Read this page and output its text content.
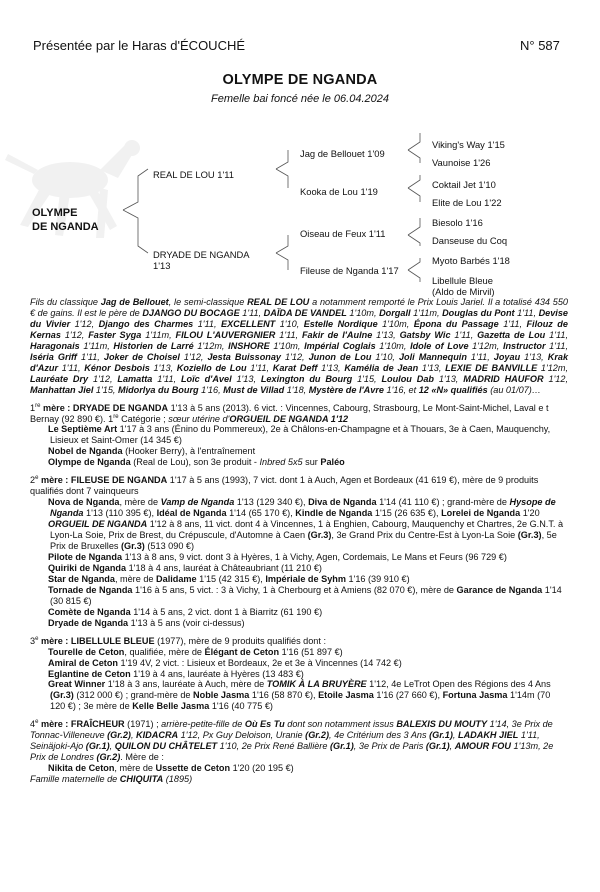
Présentée par le Haras d'ÉCOUCHÉ	N° 587
OLYMPE DE NGANDA
Femelle bai foncé née le 06.04.2024
OLYMPE
DE NGANDA
REAL DE LOU 1'11
DRYADE DE NGANDA
1'13
Jag de Bellouet 1'09
Kooka de Lou 1'19
Oiseau de Feux 1'11
Fileuse de Nganda 1'17
Viking's Way 1'15
Vaunoise 1'26
Coktail Jet 1'10
Elite de Lou 1'22
Biesolo 1'16
Danseuse du Coq
Myoto Barbés 1'18
Libellule Bleue
(Aldo de Mirvil)

Fils du classique Jag de Bellouet, le semi-classique REAL DE LOU a notamment remporté le Prix Louis Jariel. Il a totalisé 434 550 € de gains. Il est le père de DJANGO DU BOCAGE 1'11, DAÏDA DE VANDEL 1'10m, Dorgall 1'11m, Douglas du Pont 1'11, Devise du Vivier 1'12, Django des Charmes 1'11, EXCELLENT 1'10, Estelle Nordique 1'10m, Épona du Passage 1'11, Filouz de Kernas 1'12, Faster Syga 1'11m, FILOU L'AUVERGNIER 1'11, Fakir de l'Aulne 1'13, Gatsby Wic 1'11, Gazetta de Lou 1'11, Haragonais 1'11m, Historien de Larré 1'12m, INSHORE 1'10m, Impérial Coglais 1'10m, Idole of Love 1'12m, Instructor 1'11, Iséria Griff 1'11, Joker de Choisel 1'12, Jesta Buissonay 1'12, Junon de Lou 1'10, Joli Mannequin 1'11, Joyau 1'13, Krak d'Azur 1'11, Kénor Desbois 1'13, Koziello de Lou 1'11, Karat Deff 1'13, Kamélia de Jean 1'13, LEXIE DE BANVILLE 1'12m, Lauréate Dry 1'12, Lamatta 1'11, Loïc d'Avel 1'13, Lexington du Bourg 1'15, Loulou Dab 1'13, MADRID HAUFOR 1'12, Manhattan Jiel 1'15, Midorlya du Bourg 1'16, Must de Villad 1'18, Mystère de l'Avre 1'16, et 12 «N» qualifiés (au 01/07)…

1re mère : DRYADE DE NGANDA 1'13 à 5 ans (2013). 6 vict. : Vincennes, Cabourg, Strasbourg, Le Mont-Saint-Michel, Laval e t Bernay (92 890 €). 1re Catégorie ; sœur utérine d'ORGUEIL DE NGANDA 1'12

Le Septième Art 1'17 à 3 ans (Énino du Pommereux), 2e à Châlons-en-Champagne et à Thouars, 3e à Caen, Mauquenchy, Lisieux et Saint-Omer (14 345 €)

Nobel de Nganda (Hooker Berry), à l'entraînement

Olympe de Nganda (Real de Lou), son 3e produit - Inbred 5x5 sur Paléo

2e mère : FILEUSE DE NGANDA 1'17 à 5 ans (1993), 7 vict. dont 1 à Auch, Agen et Bordeaux (41 619 €), mère de 9 produits qualifiés dont 7 vainqueurs

Nova de Nganda, mère de Vamp de Nganda 1'13 (129 340 €), Diva de Nganda 1'14 (41 110 €) ; grand-mère de Hysope de Nganda 1'13 (110 395 €), Idéal de Nganda 1'14 (65 170 €), Kindle de Nganda 1'15 (26 635 €), Lorelei de Nganda 1'20

ORGUEIL DE NGANDA 1'12 à 8 ans, 11 vict. dont 4 à Vincennes, 1 à Enghien, Cabourg, Mauquenchy et Chartres, 2e G.N.T. à Lyon-La Soie, Prix de Brest, du Crépuscule, d'Automne à Caen (Gr.3), 3e Grand Prix du Centre-Est à Lyon-La Soie (Gr.3), 5e Prix de Bruxelles (Gr.3) (513 090 €)

Pilote de Nganda 1'13 à 8 ans, 9 vict. dont 3 à Hyères, 1 à Vichy, Agen, Cordemais, Le Mans et Feurs (96 729 €)

Quiriki de Nganda 1'18 à 4 ans, lauréat à Châteaubriant (11 210 €)

Star de Nganda, mère de Dalidame 1'15 (42 315 €), Impériale de Syhm 1'16 (39 910 €)

Tornade de Nganda 1'16 à 5 ans, 5 vict. : 3 à Vichy, 1 à Cherbourg et à Amiens (82 070 €), mère de Garance de Nganda 1'14 (30 815 €)

Comète de Nganda 1'14 à 5 ans, 2 vict. dont 1 à Biarritz (61 190 €)

Dryade de Nganda 1'13 à 5 ans (voir ci-dessus)

3e mère : LIBELLULE BLEUE (1977), mère de 9 produits qualifiés dont :

Tourelle de Ceton, qualifiée, mère de Élégant de Ceton 1'16 (51 897 €)

Amiral de Ceton 1'19 4V, 2 vict. : Lisieux et Bordeaux, 2e et 3e à Vincennes (14 742 €)

Eglantine de Ceton 1'19 à 4 ans, lauréate à Hyères (13 483 €)

Great Winner 1'18 à 3 ans, lauréate à Auch, mère de TOMIK À LA BRUYÈRE 1'12, 4e LeTrot Open des Régions des 4 Ans (Gr.3) (312 000 €) ; grand-mère de Noble Jasma 1'16 (58 870 €), Etoile Jasma 1'16 (27 660 €), Fortuna Jasma 1'14m (70 120 €) ; 3e mère de Kelle Belle Jasma 1'16 (40 775 €)

4e mère : FRAÎCHEUR (1971) ; arrière-petite-fille de Où Es Tu dont son notamment issus BALEXIS DU MOUTY 1'14, 3e Prix de Tonnac-Villeneuve (Gr.2), KIDACRA 1'12, Px Guy Deloison, Uranie (Gr.2), 4e Critérium des 3 Ans (Gr.1), LADAKH JIEL 1'11, Seinäjoki-Ajo (Gr.1), QUILON DU CHÂTELET 1'10, 2e Prix René Ballière (Gr.1), 3e Prix de Paris (Gr.1), AMOUR FOU 1'13m, 2e Prix de Londres (Gr.2). Mère de :

Nikita de Ceton, mère de Ussette de Ceton 1'20 (20 195 €)

Famille maternelle de CHIQUITA (1895)
